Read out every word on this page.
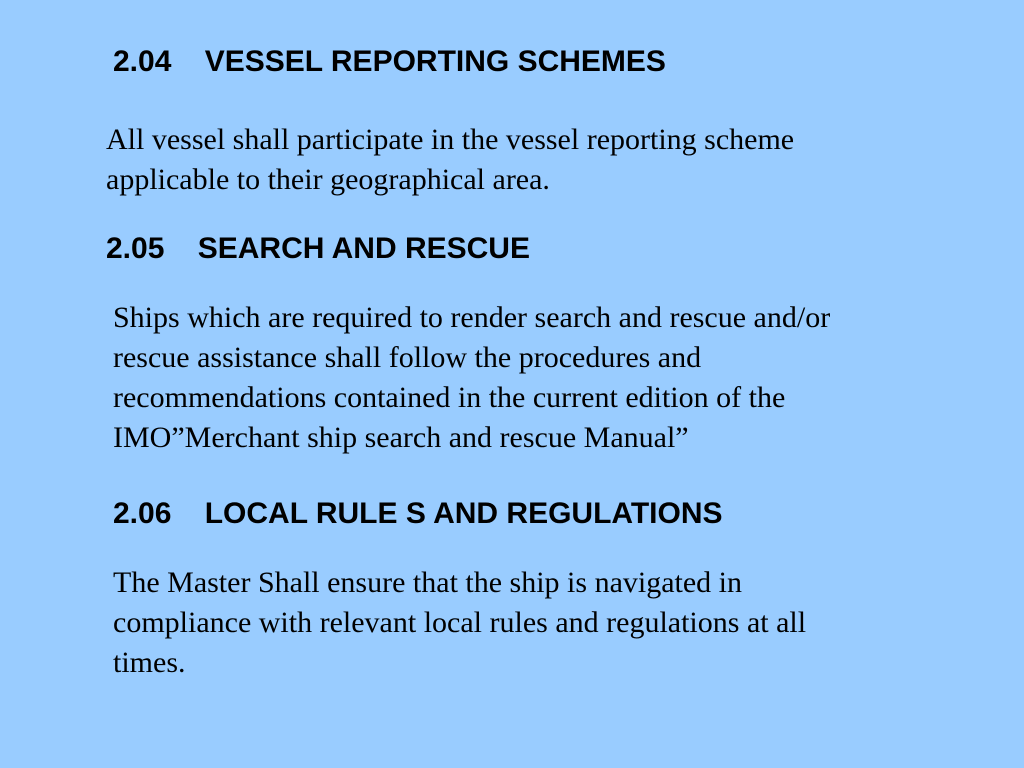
2.04    VESSEL REPORTING SCHEMES
All vessel shall participate in the vessel reporting scheme
applicable to their geographical area.
2.05    SEARCH AND RESCUE
Ships which are required to render search and rescue and/or
rescue assistance shall follow the procedures and
recommendations contained in the current edition of the
IMO”Merchant ship search and rescue Manual”
2.06    LOCAL RULE S AND REGULATIONS
The Master Shall ensure that the ship is navigated in
compliance with relevant local rules and regulations at all
times.
